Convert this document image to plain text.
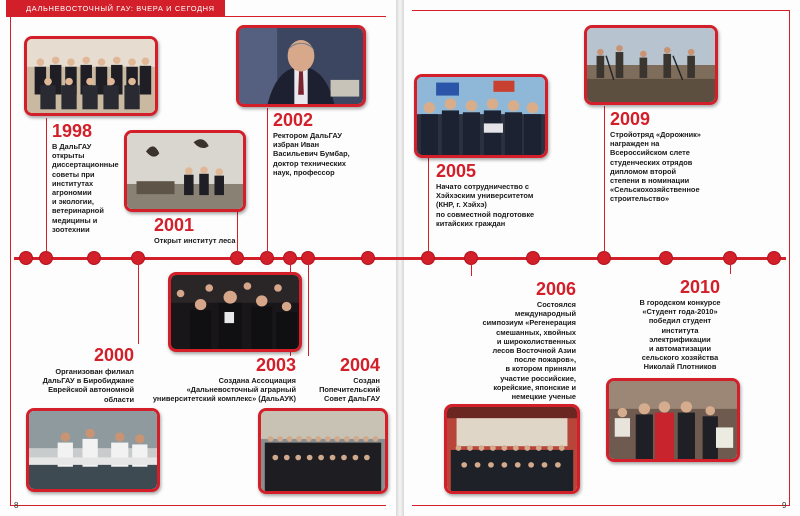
ДАЛЬНЕВОСТОЧНЫЙ ГАУ: ВЧЕРА И СЕГОДНЯ
1998
В ДальГАУ
открыты
диссертационные
советы при
институтах
агрономии
и экологии,
ветеринарной
медицины и
зоотехнии	2001
Открыт институт леса
2002
Ректором ДальГАУ
избран Иван
Васильевич Бумбар,
доктор технических
наук, профессор	2005
Начато сотрудничество с
Хэйхэским университетом
(КНР, г. Хэйхэ)
по совместной подготовке
китайских граждан
2009
Стройотряд «Дорожник»
награжден на
Всероссийском слете
студенческих отрядов
дипломом второй
степени в номинации
«Сельскохозяйственное
строительство»
2000
Организован филиал
ДальГАУ в Биробиджане
Еврейской автономной
области
2003
Создана Ассоциация
«Дальневосточный аграрный
университетский комплекс» (ДальАУК)
2004
Создан
Попечительский
Совет ДальГАУ
2006
Состоялся
международный
симпозиум «Регенерация
смешанных, хвойных
и широколиственных
лесов Восточной Азии
после пожаров»,
в котором приняли
участие российские,
корейские, японские и
немецкие ученые
2010
В городском конкурсе
«Студент года-2010»
победил студент
института
электрификации
и автоматизации
сельского хозяйства
Николай Плотников
8	9
